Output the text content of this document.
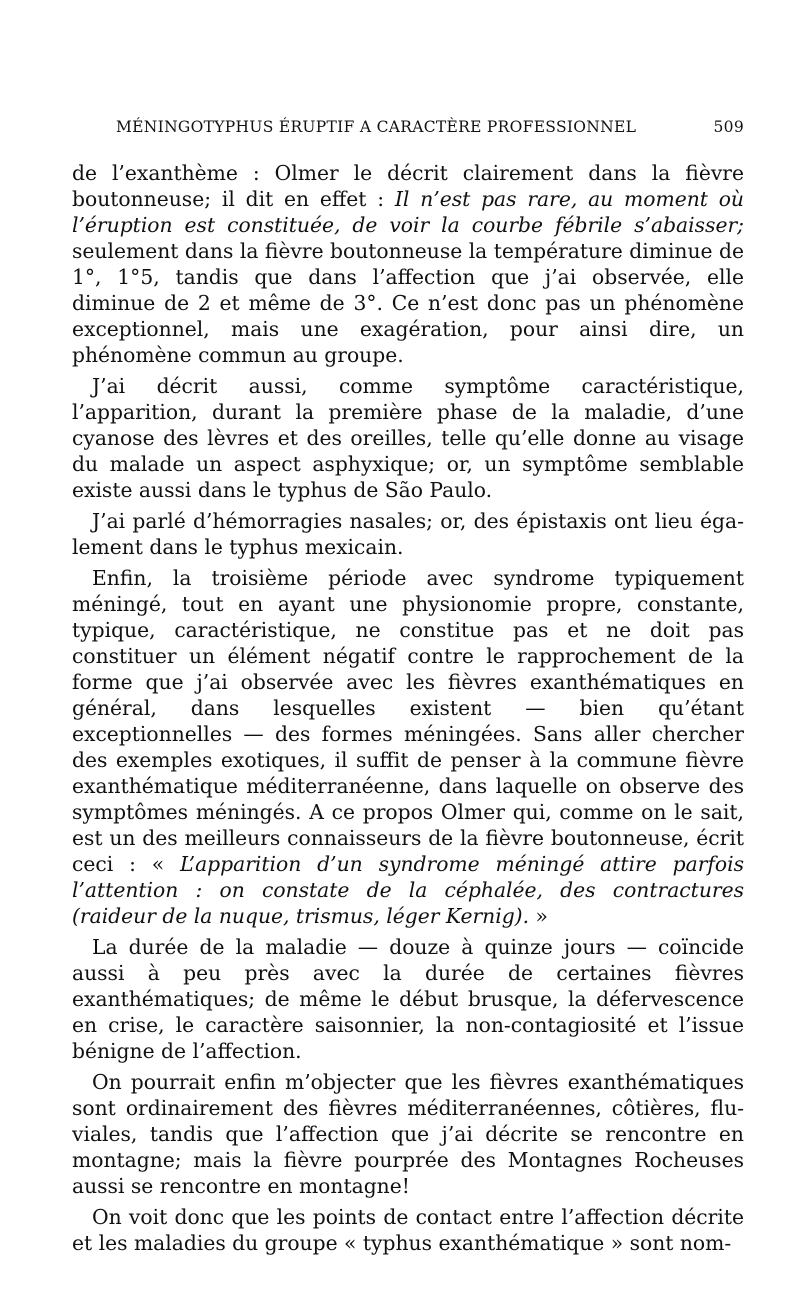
MÉNINGOTYPHUS ÉRUPTIF A CARACTÈRE PROFESSIONNEL	509

de l’exanthème : Olmer le décrit clairement dans la fièvre boutonneuse; il dit en effet : Il n’est pas rare, au moment où l’éruption est constituée, de voir la courbe fébrile s’abaisser; seulement dans la fièvre boutonneuse la température diminue de 1°, 1°5, tandis que dans l’affection que j’ai observée, elle diminue de 2 et même de 3°. Ce n’est donc pas un phénomène exceptionnel, mais une exagération, pour ainsi dire, un phénomène commun au groupe.

J’ai décrit aussi, comme symptôme caractéristique, l’apparition, durant la première phase de la maladie, d’une cyanose des lèvres et des oreilles, telle qu’elle donne au visage du malade un aspect asphyxique; or, un symptôme semblable existe aussi dans le typhus de São Paulo.

J’ai parlé d’hémorragies nasales; or, des épistaxis ont lieu également dans le typhus mexicain.

Enfin, la troisième période avec syndrome typiquement méningé, tout en ayant une physionomie propre, constante, typique, caractéristique, ne constitue pas et ne doit pas constituer un élément négatif contre le rapprochement de la forme que j’ai observée avec les fièvres exanthématiques en général, dans lesquelles existent — bien qu’étant exceptionnelles — des formes méningées. Sans aller chercher des exemples exotiques, il suffit de penser à la commune fièvre exanthématique méditerranéenne, dans laquelle on observe des symptômes méningés. A ce propos Olmer qui, comme on le sait, est un des meilleurs connaisseurs de la fièvre boutonneuse, écrit ceci : « L’apparition d’un syndrome méningé attire parfois l’attention : on constate de la céphalée, des contractures (raideur de la nuque, trismus, léger Kernig). »

La durée de la maladie — douze à quinze jours — coïncide aussi à peu près avec la durée de certaines fièvres exanthématiques; de même le début brusque, la défervescence en crise, le caractère saisonnier, la non-contagiosité et l’issue bénigne de l’affection.

On pourrait enfin m’objecter que les fièvres exanthématiques sont ordinairement des fièvres méditerranéennes, côtières, fluviales, tandis que l’affection que j’ai décrite se rencontre en montagne; mais la fièvre pourprée des Montagnes Rocheuses aussi se rencontre en montagne!

On voit donc que les points de contact entre l’affection décrite et les maladies du groupe « typhus exanthématique » sont nom-
